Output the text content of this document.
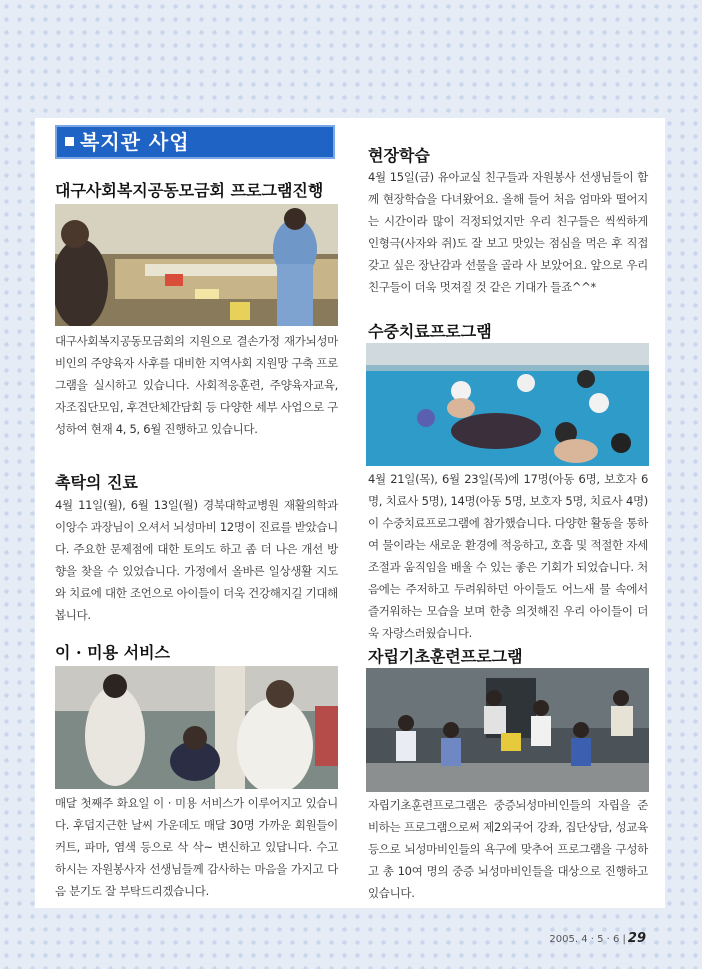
복지관 사업
대구사회복지공동모금회 프로그램진행

대구사회복지공동모금회의 지원으로 결손가정 재가뇌성마비인의 주양육자 사후를 대비한 지역사회 지원망 구축 프로그램을 실시하고 있습니다. 사회적응훈련, 주양육자교육, 자조집단모임, 후견단체간담회 등 다양한 세부 사업으로 구성하여 현재 4, 5, 6월 진행하고 있습니다.

촉탁의 진료

4월 11일(월), 6월 13일(월) 경북대학교병원 재활의학과 이앙수 과장님이 오셔서 뇌성마비 12명이 진료를 받았습니다. 주요한 문제점에 대한 토의도 하고 좀 더 나은 개선 방향을 찾을 수 있었습니다. 가정에서 올바른 일상생활 지도와 치료에 대한 조언으로 아이들이 더욱 건강해지길 기대해 봅니다.

이 · 미용 서비스

매달 첫째주 화요일 이 · 미용 서비스가 이루어지고 있습니다. 후덥지근한 날씨 가운데도 매달 30명 가까운 회원들이 커트, 파마, 염색 등으로 삭 삭~ 변신하고 있답니다. 수고하시는 자원봉사자 선생님들께 감사하는 마음을 가지고 다음 분기도 잘 부탁드리겠습니다.

현장학습

4월 15일(금) 유아교실 친구들과 자원봉사 선생님들이 함께 현장학습을 다녀왔어요. 올해 들어 처음 엄마와 떨어지는 시간이라 많이 걱정되었지만 우리 친구들은 씩씩하게 인형극(사자와 쥐)도 잘 보고 맛있는 점심을 먹은 후 직접 갖고 싶은 장난감과 선물을 골라 사 보았어요. 앞으로 우리 친구들이 더욱 멋져질 것 같은 기대가 들죠^^*

수중치료프로그램

4월 21일(목), 6월 23일(목)에 17명(아동 6명, 보호자 6명, 치료사 5명), 14명(아동 5명, 보호자 5명, 치료사 4명)이 수중치료프로그램에 참가했습니다. 다양한 활동을 통하여 물이라는 새로운 환경에 적응하고, 호흡 및 적절한 자세 조절과 움직임을 배울 수 있는 좋은 기회가 되었습니다. 처음에는 주저하고 두려워하던 아이들도 어느새 물 속에서 즐거워하는 모습을 보며 한층 의젓해진 우리 아이들이 더욱 자랑스러웠습니다.

자립기초훈련프로그램

자립기초훈련프로그램은 중증뇌성마비인들의 자립을 준비하는 프로그램으로써 제2외국어 강좌, 집단상담, 성교육 등으로 뇌성마비인들의 욕구에 맞추어 프로그램을 구성하고 총 10여 명의 중증 뇌성마비인들을 대상으로 진행하고 있습니다.

2005. 4 · 5 · 6 | 29
